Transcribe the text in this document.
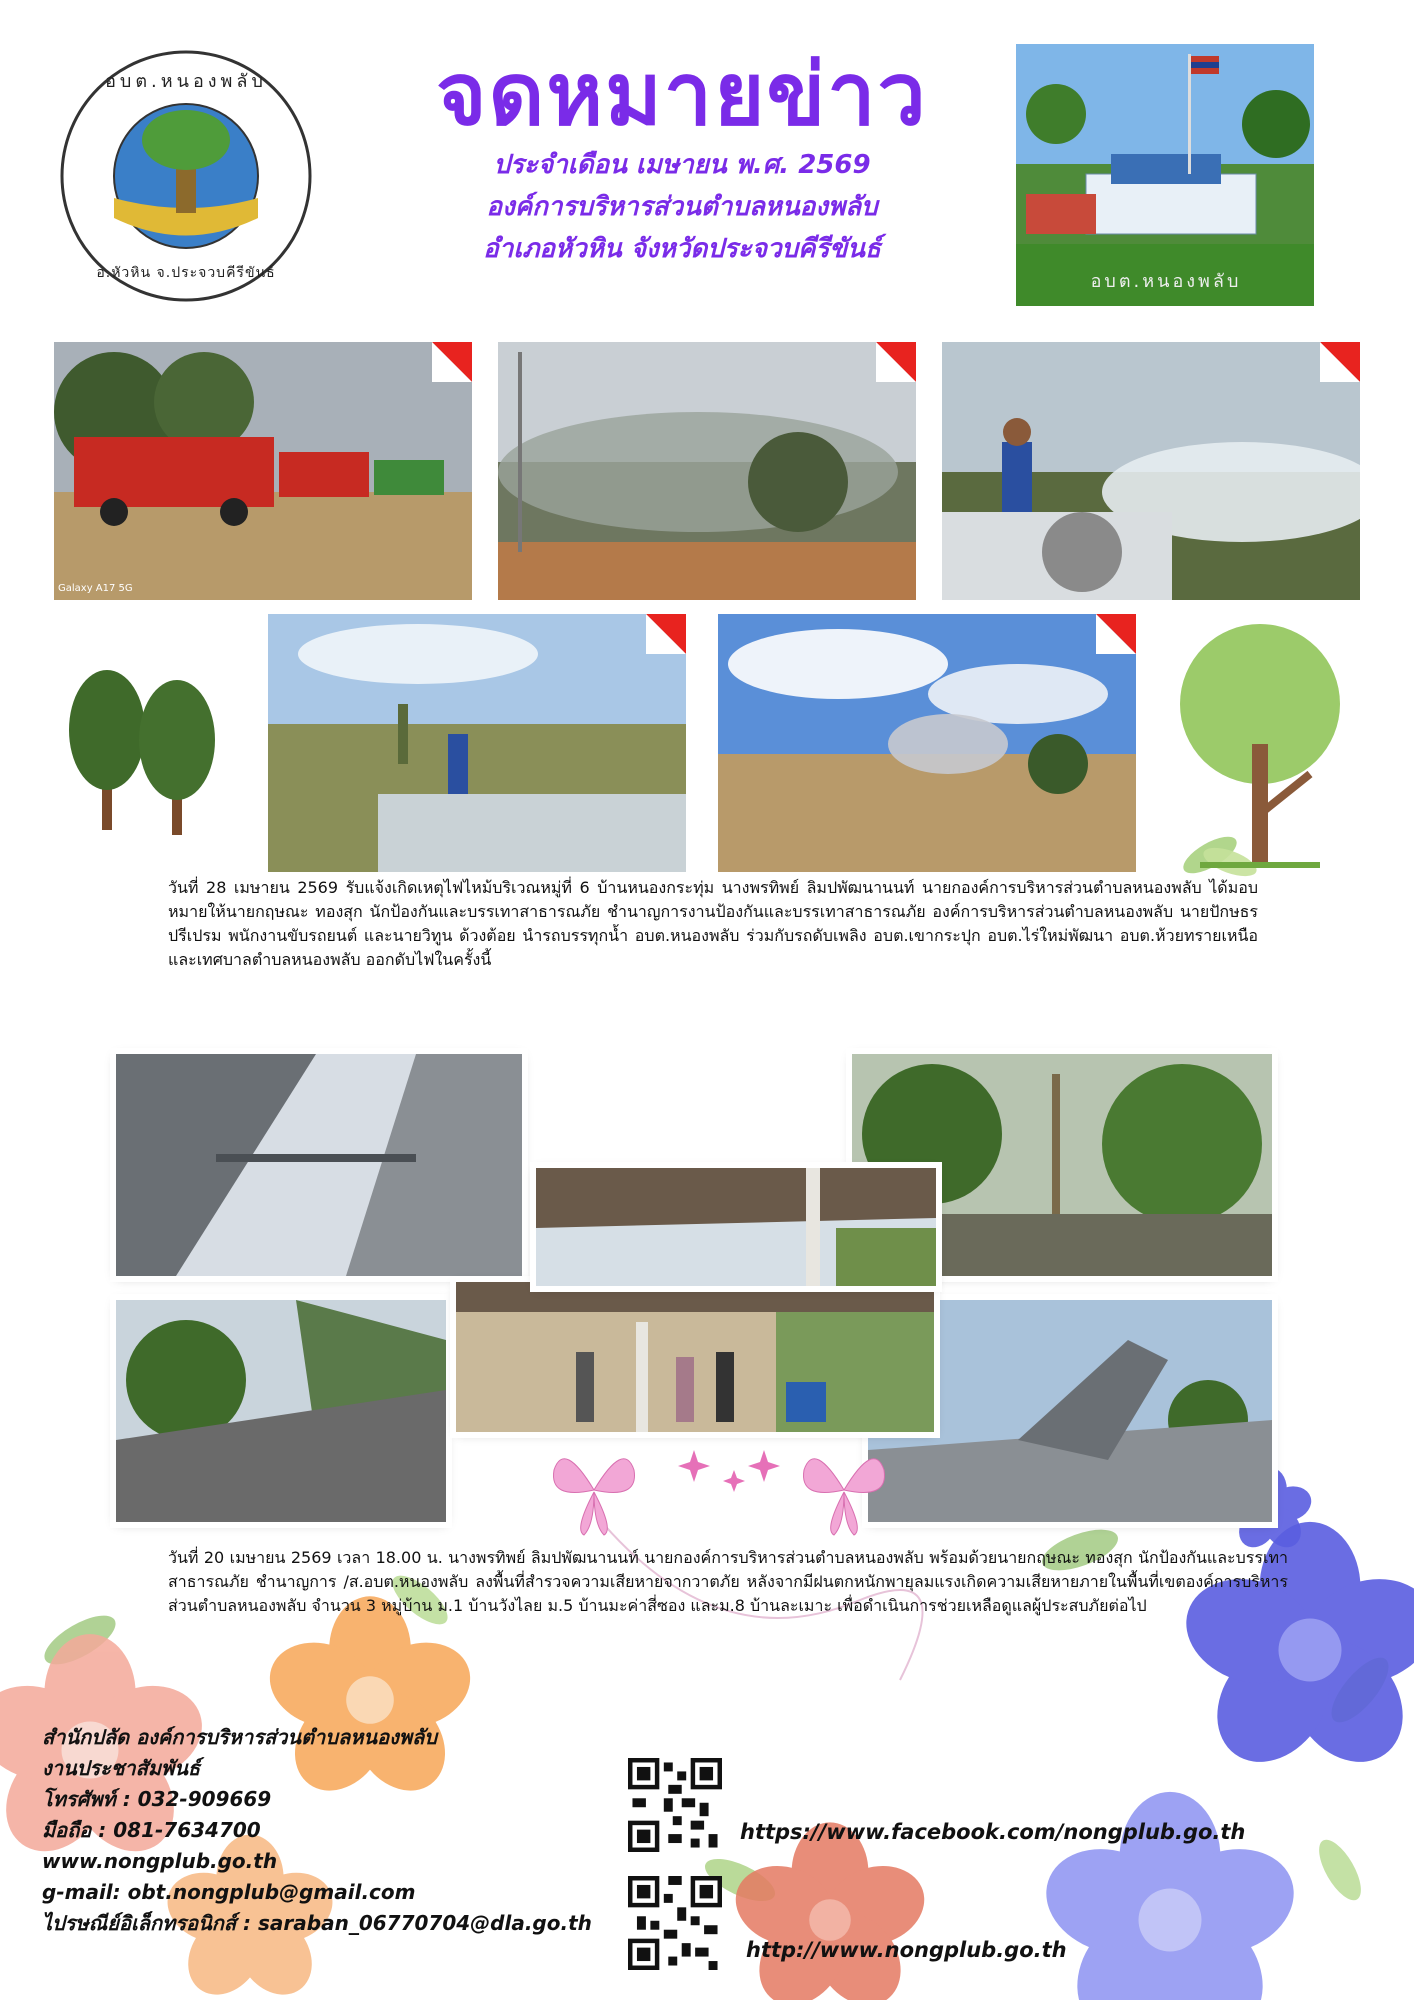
อบต.หนองพลับ
อ.หัวหิน จ.ประจวบคีรีขันธ์
จดหมายข่าว
ประจำเดือน เมษายน พ.ศ. 2569
องค์การบริหารส่วนตำบลหนองพลับ
อำเภอหัวหิน จังหวัดประจวบคีรีขันธ์
อบต.หนองพลับ
Galaxy A17 5G
วันที่ 28 เมษายน 2569 รับแจ้งเกิดเหตุไฟไหม้บริเวณหมู่ที่ 6 บ้านหนองกระทุ่ม นางพรทิพย์ ลิมปพัฒนานนท์ นายกองค์การบริหารส่วนตำบลหนองพลับ ได้มอบหมายให้นายกฤษณะ ทองสุก นักป้องกันและบรรเทาสาธารณภัย ชำนาญการงานป้องกันและบรรเทาสาธารณภัย องค์การบริหารส่วนตำบลหนองพลับ นายปักษธร ปรีเปรม พนักงานขับรถยนต์ และนายวิทูน ด้วงต้อย นำรถบรรทุกน้ำ อบต.หนองพลับ ร่วมกับรถดับเพลิง อบต.เขากระปุก อบต.ไร่ใหม่พัฒนา อบต.ห้วยทรายเหนือ และเทศบาลตำบลหนองพลับ ออกดับไฟในครั้งนี้
วันที่ 20 เมษายน 2569 เวลา 18.00 น. นางพรทิพย์ ลิมปพัฒนานนท์ นายกองค์การบริหารส่วนตำบลหนองพลับ พร้อมด้วยนายกฤษณะ ทองสุก นักป้องกันและบรรเทาสาธารณภัย ชำนาญการ /ส.อบต.หนองพลับ ลงพื้นที่สำรวจความเสียหายจากวาตภัย หลังจากมีฝนตกหนักพายุลมแรงเกิดความเสียหายภายในพื้นที่เขตองค์การบริหารส่วนตำบลหนองพลับ จำนวน 3 หมู่บ้าน ม.1 บ้านวังไลย ม.5 บ้านมะค่าสี่ซอง และม.8 บ้านละเมาะ เพื่อดำเนินการช่วยเหลือดูแลผู้ประสบภัยต่อไป
สำนักปลัด องค์การบริหารส่วนตำบลหนองพลับ
งานประชาสัมพันธ์
โทรศัพท์ : 032-909669
มือถือ : 081-7634700
www.nongplub.go.th
g-mail: obt.nongplub@gmail.com
ไปรษณีย์อิเล็กทรอนิกส์ : saraban_06770704@dla.go.th
https://www.facebook.com/nongplub.go.th
http://www.nongplub.go.th
